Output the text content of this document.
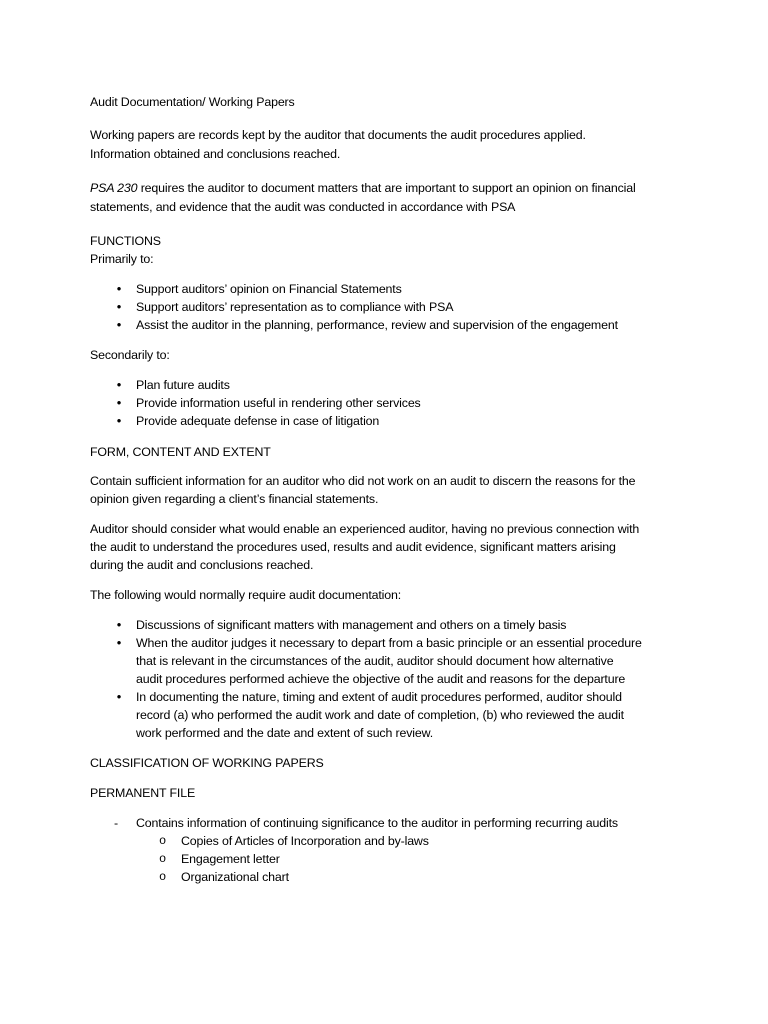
Audit Documentation/ Working Papers
Working papers are records kept by the auditor that documents the audit procedures applied.
Information obtained and conclusions reached.
PSA 230 requires the auditor to document matters that are important to support an opinion on financial
statements, and evidence that the audit was conducted in accordance with PSA
FUNCTIONS
Primarily to:
•	Support auditors’ opinion on Financial Statements
•	Support auditors’ representation as to compliance with PSA
•	Assist the auditor in the planning, performance, review and supervision of the engagement
Secondarily to:
•	Plan future audits
•	Provide information useful in rendering other services
•	Provide adequate defense in case of litigation
FORM, CONTENT AND EXTENT
Contain sufficient information for an auditor who did not work on an audit to discern the reasons for the
opinion given regarding a client’s financial statements.
Auditor should consider what would enable an experienced auditor, having no previous connection with
the audit to understand the procedures used, results and audit evidence, significant matters arising
during the audit and conclusions reached.
The following would normally require audit documentation:
•	Discussions of significant matters with management and others on a timely basis
•	When the auditor judges it necessary to depart from a basic principle or an essential procedure
that is relevant in the circumstances of the audit, auditor should document how alternative
audit procedures performed achieve the objective of the audit and reasons for the departure
•	In documenting the nature, timing and extent of audit procedures performed, auditor should
record (a) who performed the audit work and date of completion, (b) who reviewed the audit
work performed and the date and extent of such review.
CLASSIFICATION OF WORKING PAPERS
PERMANENT FILE
- Contains information of continuing significance to the auditor in performing recurring audits
o Copies of Articles of Incorporation and by-laws
o Engagement letter
o Organizational chart
